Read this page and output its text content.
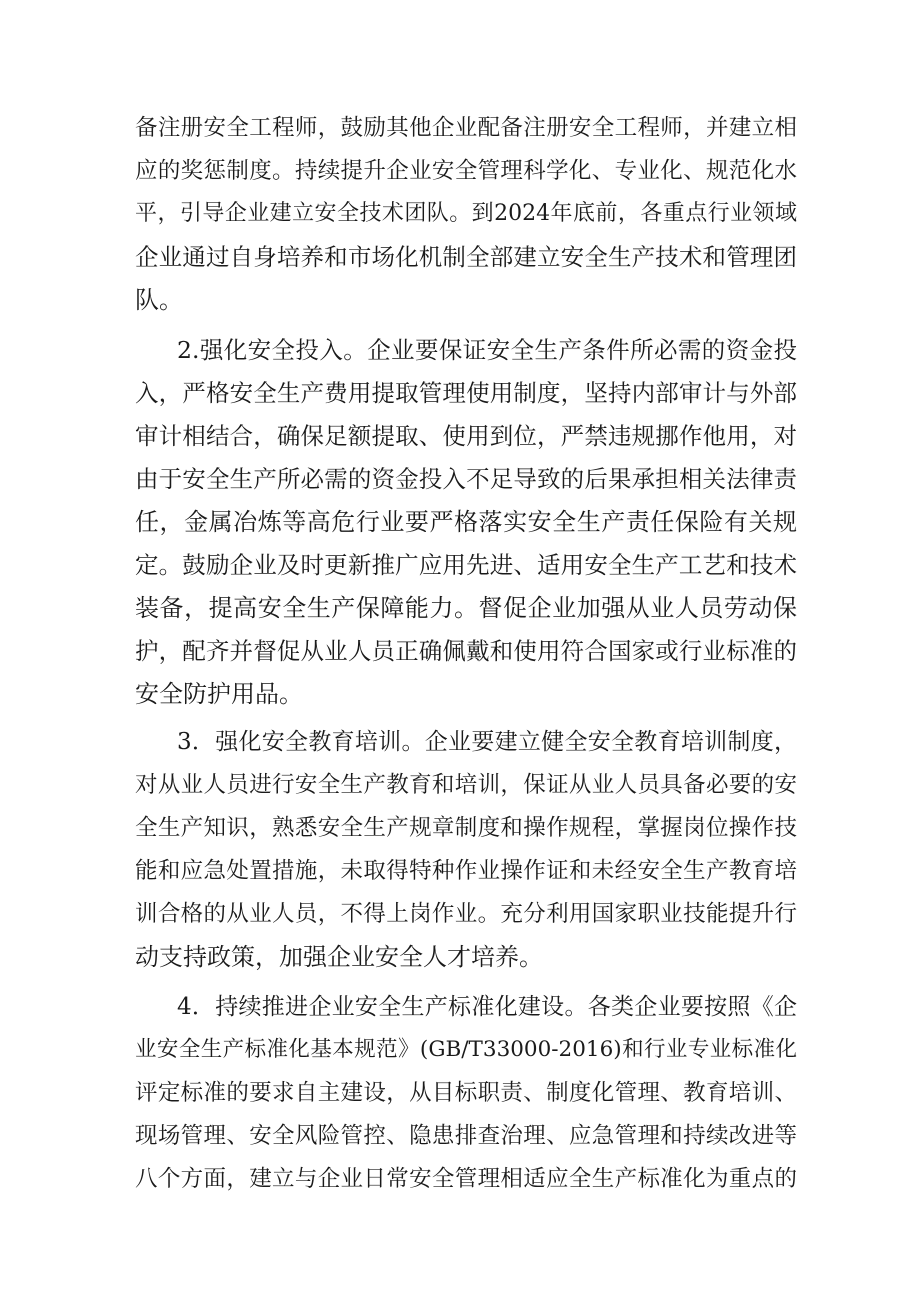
备注册安全工程师，鼓励其他企业配备注册安全工程师，并建立相
应的奖惩制度。持续提升企业安全管理科学化、专业化、规范化水
平，引导企业建立安全技术团队。到2024年底前，各重点行业领域
企业通过自身培养和市场化机制全部建立安全生产技术和管理团
队。
2.强化安全投入。企业要保证安全生产条件所必需的资金投
入，严格安全生产费用提取管理使用制度，坚持内部审计与外部
审计相结合，确保足额提取、使用到位，严禁违规挪作他用，对
由于安全生产所必需的资金投入不足导致的后果承担相关法律责
任，金属冶炼等高危行业要严格落实安全生产责任保险有关规
定。鼓励企业及时更新推广应用先进、适用安全生产工艺和技术
装备，提高安全生产保障能力。督促企业加强从业人员劳动保
护，配齐并督促从业人员正确佩戴和使用符合国家或行业标准的
安全防护用品。
3．强化安全教育培训。企业要建立健全安全教育培训制度，
对从业人员进行安全生产教育和培训，保证从业人员具备必要的安
全生产知识，熟悉安全生产规章制度和操作规程，掌握岗位操作技
能和应急处置措施，未取得特种作业操作证和未经安全生产教育培
训合格的从业人员，不得上岗作业。充分利用国家职业技能提升行
动支持政策，加强企业安全人才培养。
4．持续推进企业安全生产标准化建设。各类企业要按照《企
业安全生产标准化基本规范》(GB/T33000-2016)和行业专业标准化
评定标准的要求自主建设，从目标职责、制度化管理、教育培训、
现场管理、安全风险管控、隐患排查治理、应急管理和持续改进等
八个方面，建立与企业日常安全管理相适应全生产标准化为重点的
